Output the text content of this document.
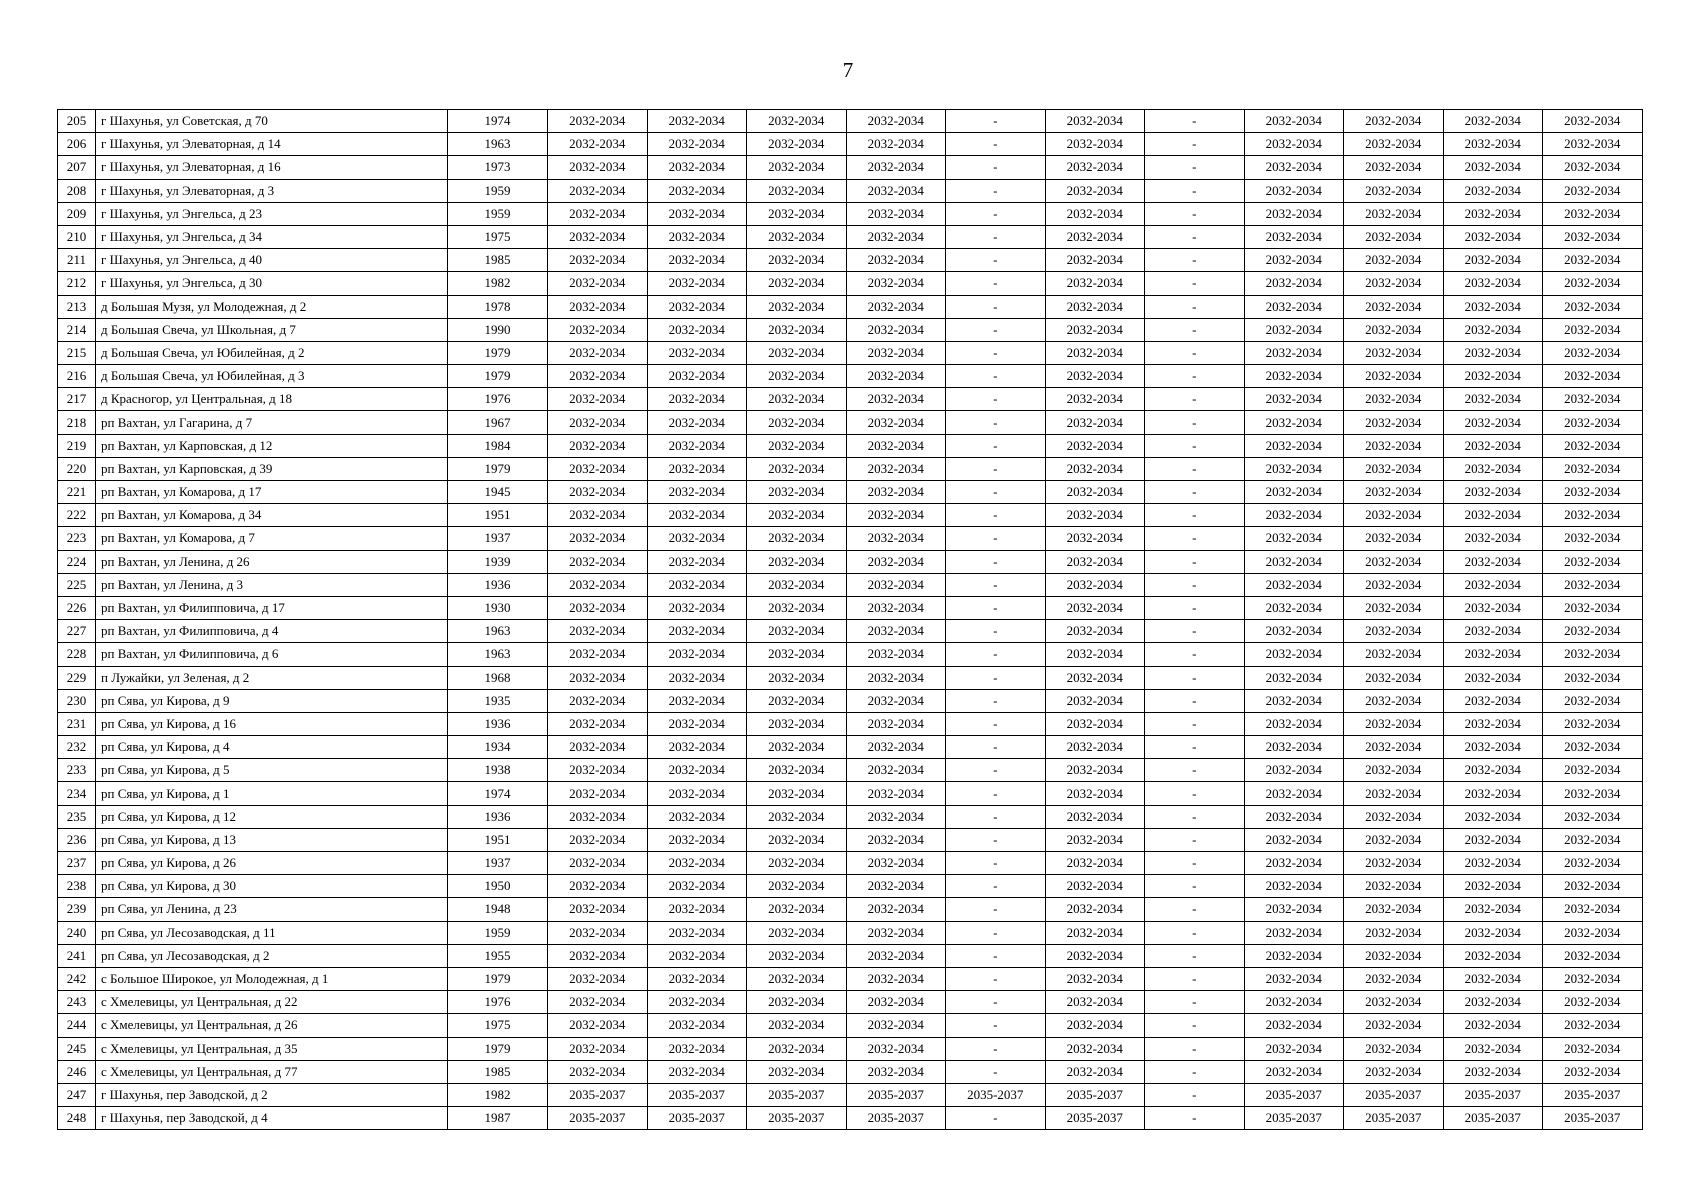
7
205	г Шахунья, ул Советская, д 70	1974	2032-2034	2032-2034	2032-2034	2032-2034	-	2032-2034	-	2032-2034	2032-2034	2032-2034	2032-2034
206	г Шахунья, ул Элеваторная, д 14	1963	2032-2034	2032-2034	2032-2034	2032-2034	-	2032-2034	-	2032-2034	2032-2034	2032-2034	2032-2034
207	г Шахунья, ул Элеваторная, д 16	1973	2032-2034	2032-2034	2032-2034	2032-2034	-	2032-2034	-	2032-2034	2032-2034	2032-2034	2032-2034
208	г Шахунья, ул Элеваторная, д 3	1959	2032-2034	2032-2034	2032-2034	2032-2034	-	2032-2034	-	2032-2034	2032-2034	2032-2034	2032-2034
209	г Шахунья, ул Энгельса, д 23	1959	2032-2034	2032-2034	2032-2034	2032-2034	-	2032-2034	-	2032-2034	2032-2034	2032-2034	2032-2034
210	г Шахунья, ул Энгельса, д 34	1975	2032-2034	2032-2034	2032-2034	2032-2034	-	2032-2034	-	2032-2034	2032-2034	2032-2034	2032-2034
211	г Шахунья, ул Энгельса, д 40	1985	2032-2034	2032-2034	2032-2034	2032-2034	-	2032-2034	-	2032-2034	2032-2034	2032-2034	2032-2034
212	г Шахунья, ул Энгельса, д 30	1982	2032-2034	2032-2034	2032-2034	2032-2034	-	2032-2034	-	2032-2034	2032-2034	2032-2034	2032-2034
213	д Большая Музя, ул Молодежная, д 2	1978	2032-2034	2032-2034	2032-2034	2032-2034	-	2032-2034	-	2032-2034	2032-2034	2032-2034	2032-2034
214	д Большая Свеча, ул Школьная, д 7	1990	2032-2034	2032-2034	2032-2034	2032-2034	-	2032-2034	-	2032-2034	2032-2034	2032-2034	2032-2034
215	д Большая Свеча, ул Юбилейная, д 2	1979	2032-2034	2032-2034	2032-2034	2032-2034	-	2032-2034	-	2032-2034	2032-2034	2032-2034	2032-2034
216	д Большая Свеча, ул Юбилейная, д 3	1979	2032-2034	2032-2034	2032-2034	2032-2034	-	2032-2034	-	2032-2034	2032-2034	2032-2034	2032-2034
217	д Красногор, ул Центральная, д 18	1976	2032-2034	2032-2034	2032-2034	2032-2034	-	2032-2034	-	2032-2034	2032-2034	2032-2034	2032-2034
218	рп Вахтан, ул Гагарина, д 7	1967	2032-2034	2032-2034	2032-2034	2032-2034	-	2032-2034	-	2032-2034	2032-2034	2032-2034	2032-2034
219	рп Вахтан, ул Карповская, д 12	1984	2032-2034	2032-2034	2032-2034	2032-2034	-	2032-2034	-	2032-2034	2032-2034	2032-2034	2032-2034
220	рп Вахтан, ул Карповская, д 39	1979	2032-2034	2032-2034	2032-2034	2032-2034	-	2032-2034	-	2032-2034	2032-2034	2032-2034	2032-2034
221	рп Вахтан, ул Комарова, д 17	1945	2032-2034	2032-2034	2032-2034	2032-2034	-	2032-2034	-	2032-2034	2032-2034	2032-2034	2032-2034
222	рп Вахтан, ул Комарова, д 34	1951	2032-2034	2032-2034	2032-2034	2032-2034	-	2032-2034	-	2032-2034	2032-2034	2032-2034	2032-2034
223	рп Вахтан, ул Комарова, д 7	1937	2032-2034	2032-2034	2032-2034	2032-2034	-	2032-2034	-	2032-2034	2032-2034	2032-2034	2032-2034
224	рп Вахтан, ул Ленина, д 26	1939	2032-2034	2032-2034	2032-2034	2032-2034	-	2032-2034	-	2032-2034	2032-2034	2032-2034	2032-2034
225	рп Вахтан, ул Ленина, д 3	1936	2032-2034	2032-2034	2032-2034	2032-2034	-	2032-2034	-	2032-2034	2032-2034	2032-2034	2032-2034
226	рп Вахтан, ул Филипповича, д 17	1930	2032-2034	2032-2034	2032-2034	2032-2034	-	2032-2034	-	2032-2034	2032-2034	2032-2034	2032-2034
227	рп Вахтан, ул Филипповича, д 4	1963	2032-2034	2032-2034	2032-2034	2032-2034	-	2032-2034	-	2032-2034	2032-2034	2032-2034	2032-2034
228	рп Вахтан, ул Филипповича, д 6	1963	2032-2034	2032-2034	2032-2034	2032-2034	-	2032-2034	-	2032-2034	2032-2034	2032-2034	2032-2034
229	п Лужайки, ул Зеленая, д 2	1968	2032-2034	2032-2034	2032-2034	2032-2034	-	2032-2034	-	2032-2034	2032-2034	2032-2034	2032-2034
230	рп Сява, ул Кирова, д 9	1935	2032-2034	2032-2034	2032-2034	2032-2034	-	2032-2034	-	2032-2034	2032-2034	2032-2034	2032-2034
231	рп Сява, ул Кирова, д 16	1936	2032-2034	2032-2034	2032-2034	2032-2034	-	2032-2034	-	2032-2034	2032-2034	2032-2034	2032-2034
232	рп Сява, ул Кирова, д 4	1934	2032-2034	2032-2034	2032-2034	2032-2034	-	2032-2034	-	2032-2034	2032-2034	2032-2034	2032-2034
233	рп Сява, ул Кирова, д 5	1938	2032-2034	2032-2034	2032-2034	2032-2034	-	2032-2034	-	2032-2034	2032-2034	2032-2034	2032-2034
234	рп Сява, ул Кирова, д 1	1974	2032-2034	2032-2034	2032-2034	2032-2034	-	2032-2034	-	2032-2034	2032-2034	2032-2034	2032-2034
235	рп Сява, ул Кирова, д 12	1936	2032-2034	2032-2034	2032-2034	2032-2034	-	2032-2034	-	2032-2034	2032-2034	2032-2034	2032-2034
236	рп Сява, ул Кирова, д 13	1951	2032-2034	2032-2034	2032-2034	2032-2034	-	2032-2034	-	2032-2034	2032-2034	2032-2034	2032-2034
237	рп Сява, ул Кирова, д 26	1937	2032-2034	2032-2034	2032-2034	2032-2034	-	2032-2034	-	2032-2034	2032-2034	2032-2034	2032-2034
238	рп Сява, ул Кирова, д 30	1950	2032-2034	2032-2034	2032-2034	2032-2034	-	2032-2034	-	2032-2034	2032-2034	2032-2034	2032-2034
239	рп Сява, ул Ленина, д 23	1948	2032-2034	2032-2034	2032-2034	2032-2034	-	2032-2034	-	2032-2034	2032-2034	2032-2034	2032-2034
240	рп Сява, ул Лесозаводская, д 11	1959	2032-2034	2032-2034	2032-2034	2032-2034	-	2032-2034	-	2032-2034	2032-2034	2032-2034	2032-2034
241	рп Сява, ул Лесозаводская, д 2	1955	2032-2034	2032-2034	2032-2034	2032-2034	-	2032-2034	-	2032-2034	2032-2034	2032-2034	2032-2034
242	с Большое Широкое, ул Молодежная, д 1	1979	2032-2034	2032-2034	2032-2034	2032-2034	-	2032-2034	-	2032-2034	2032-2034	2032-2034	2032-2034
243	с Хмелевицы, ул Центральная, д 22	1976	2032-2034	2032-2034	2032-2034	2032-2034	-	2032-2034	-	2032-2034	2032-2034	2032-2034	2032-2034
244	с Хмелевицы, ул Центральная, д 26	1975	2032-2034	2032-2034	2032-2034	2032-2034	-	2032-2034	-	2032-2034	2032-2034	2032-2034	2032-2034
245	с Хмелевицы, ул Центральная, д 35	1979	2032-2034	2032-2034	2032-2034	2032-2034	-	2032-2034	-	2032-2034	2032-2034	2032-2034	2032-2034
246	с Хмелевицы, ул Центральная, д 77	1985	2032-2034	2032-2034	2032-2034	2032-2034	-	2032-2034	-	2032-2034	2032-2034	2032-2034	2032-2034
247	г Шахунья, пер Заводской, д 2	1982	2035-2037	2035-2037	2035-2037	2035-2037	2035-2037	2035-2037	-	2035-2037	2035-2037	2035-2037	2035-2037
248	г Шахунья, пер Заводской, д 4	1987	2035-2037	2035-2037	2035-2037	2035-2037	-	2035-2037	-	2035-2037	2035-2037	2035-2037	2035-2037
